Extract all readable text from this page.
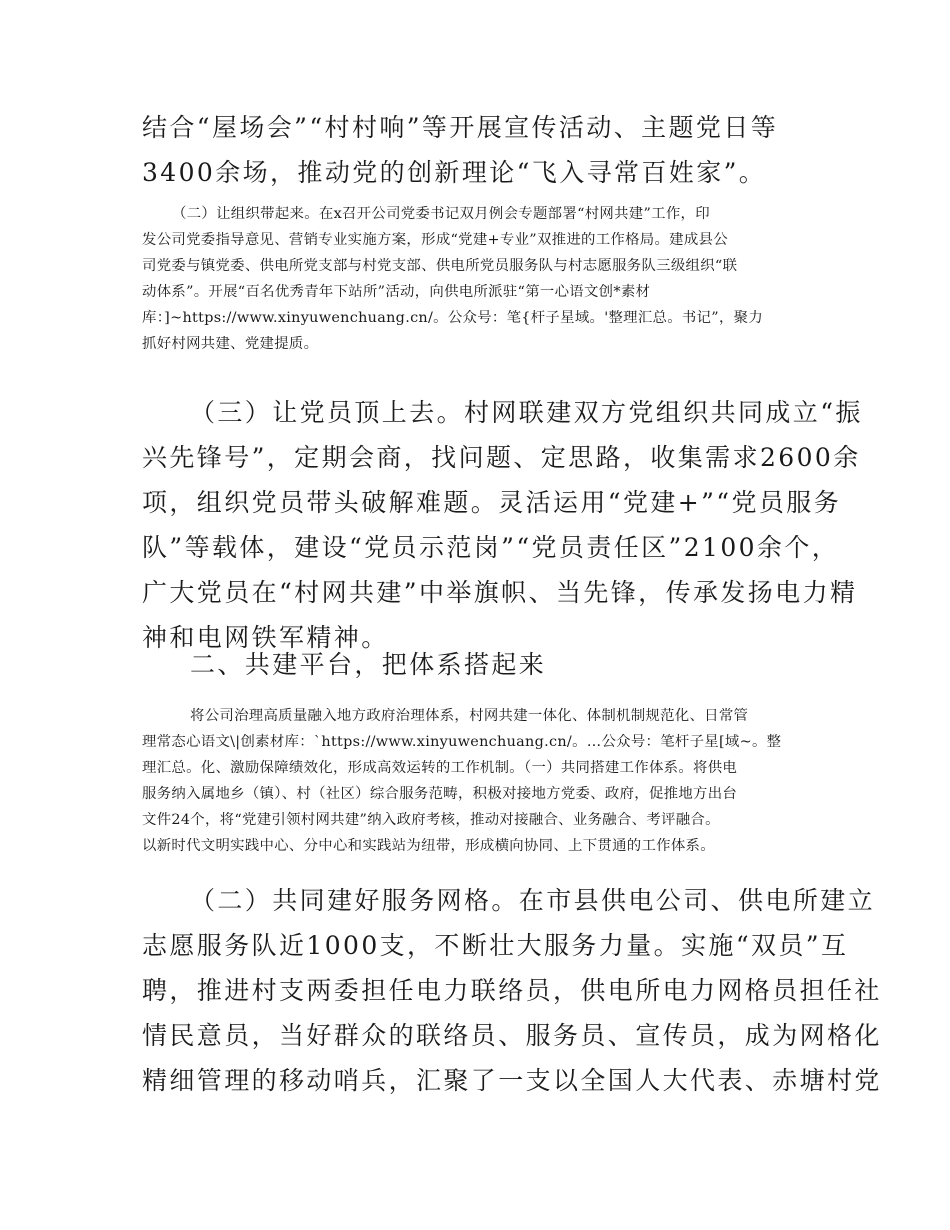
结合“屋场会”“村村响”等开展宣传活动、主题党日等
3400余场，推动党的创新理论“飞入寻常百姓家”。
（二）让组织带起来。在x召开公司党委书记双月例会专题部署“村网共建”工作，印
发公司党委指导意见、营销专业实施方案，形成“党建+专业”双推进的工作格局。建成县公
司党委与镇党委、供电所党支部与村党支部、供电所党员服务队与村志愿服务队三级组织“联
动体系”。开展“百名优秀青年下站所”活动，向供电所派驻“第一心语文创*素材
库：]~https://www.xinyuwenchuang.cn/。公众号：笔{杆子星域。'整理汇总。书记”，聚力
抓好村网共建、党建提质。
（三）让党员顶上去。村网联建双方党组织共同成立“振
兴先锋号”，定期会商，找问题、定思路，收集需求2600余
项，组织党员带头破解难题。灵活运用“党建+”“党员服务
队”等载体，建设“党员示范岗”“党员责任区”2100余个，
广大党员在“村网共建”中举旗帜、当先锋，传承发扬电力精
神和电网铁军精神。
二、共建平台，把体系搭起来
将公司治理高质量融入地方政府治理体系，村网共建一体化、体制机制规范化、日常管
理常态心语文\|创素材库：`https://www.xinyuwenchuang.cn/。…公众号：笔杆子星[域~。整
理汇总。化、激励保障绩效化，形成高效运转的工作机制。（一）共同搭建工作体系。将供电
服务纳入属地乡（镇）、村（社区）综合服务范畴，积极对接地方党委、政府，促推地方出台
文件24个，将“党建引领村网共建”纳入政府考核，推动对接融合、业务融合、考评融合。
以新时代文明实践中心、分中心和实践站为纽带，形成横向协同、上下贯通的工作体系。
（二）共同建好服务网格。在市县供电公司、供电所建立
志愿服务队近1000支，不断壮大服务力量。实施“双员”互
聘，推进村支两委担任电力联络员，供电所电力网格员担任社
情民意员，当好群众的联络员、服务员、宣传员，成为网格化
精细管理的移动哨兵，汇聚了一支以全国人大代表、赤塘村党
